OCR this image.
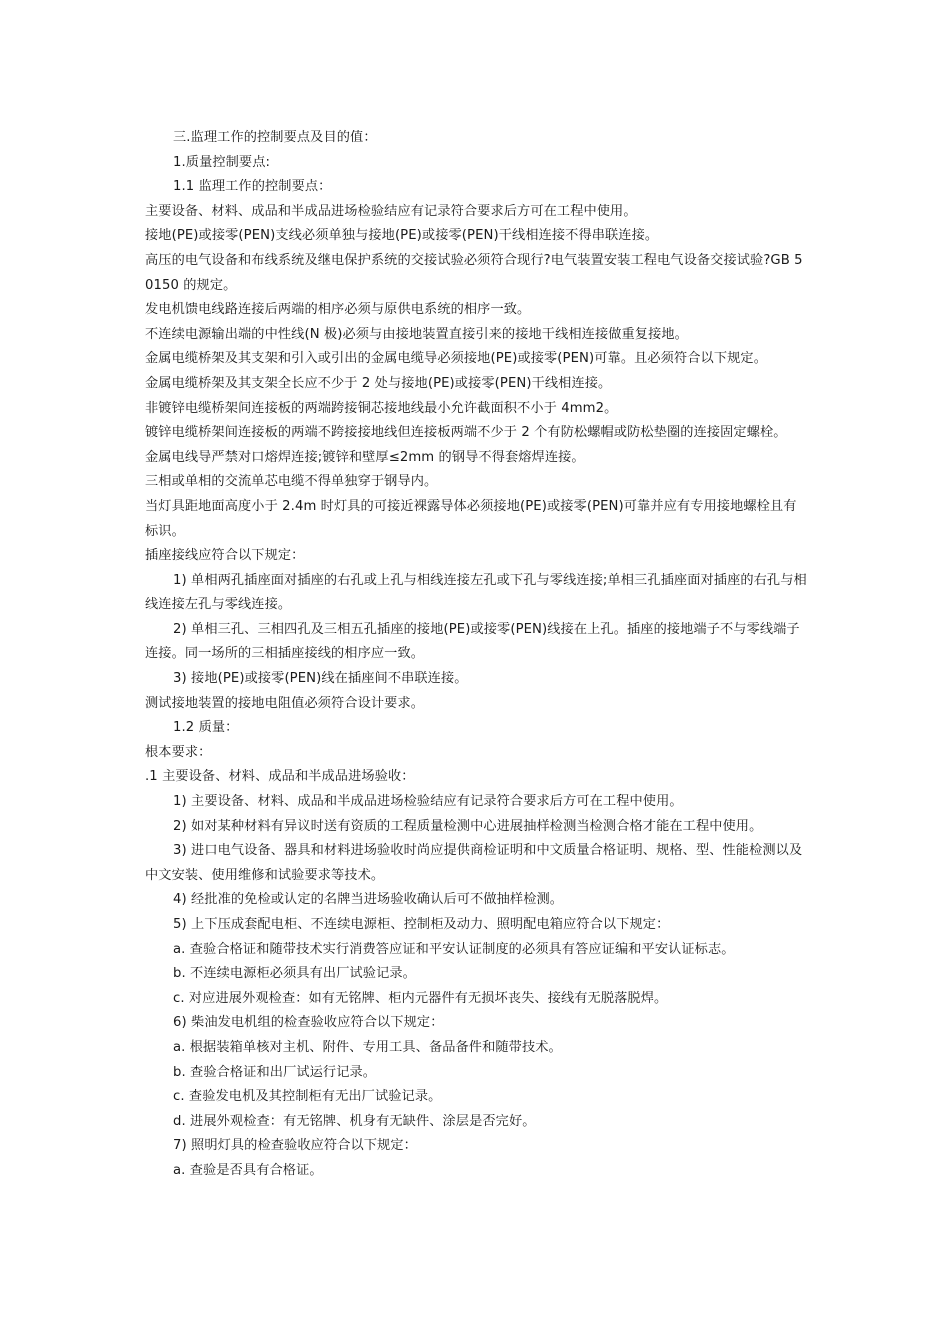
三.监理工作的控制要点及目的值：

1.质量控制要点:

1.1 监理工作的控制要点：

主要设备、材料、成品和半成品进场检验结应有记录符合要求后方可在工程中使用。

接地(PE)或接零(PEN)支线必须单独与接地(PE)或接零(PEN)干线相连接不得串联连接。

高压的电气设备和布线系统及继电保护系统的交接试验必须符合现行?电气装置安装工程电气设备交接试验?GB 50150 的规定。

发电机馈电线路连接后两端的相序必须与原供电系统的相序一致。

不连续电源输出端的中性线(N 极)必须与由接地装置直接引来的接地干线相连接做重复接地。

金属电缆桥架及其支架和引入或引出的金属电缆导必须接地(PE)或接零(PEN)可靠。且必须符合以下规定。

金属电缆桥架及其支架全长应不少于 2 处与接地(PE)或接零(PEN)干线相连接。

非镀锌电缆桥架间连接板的两端跨接铜芯接地线最小允许截面积不小于 4mm2。

镀锌电缆桥架间连接板的两端不跨接接地线但连接板两端不少于 2 个有防松螺帽或防松垫圈的连接固定螺栓。

金属电线导严禁对口熔焊连接;镀锌和壁厚≤2mm 的钢导不得套熔焊连接。

三相或单相的交流单芯电缆不得单独穿于钢导内。

当灯具距地面高度小于 2.4m 时灯具的可接近裸露导体必须接地(PE)或接零(PEN)可靠并应有专用接地螺栓且有标识。

插座接线应符合以下规定：

1) 单相两孔插座面对插座的右孔或上孔与相线连接左孔或下孔与零线连接;单相三孔插座面对插座的右孔与相线连接左孔与零线连接。

2) 单相三孔、三相四孔及三相五孔插座的接地(PE)或接零(PEN)线接在上孔。插座的接地端子不与零线端子连接。同一场所的三相插座接线的相序应一致。

3) 接地(PE)或接零(PEN)线在插座间不串联连接。

测试接地装置的接地电阻值必须符合设计要求。

1.2 质量：

根本要求：

.1 主要设备、材料、成品和半成品进场验收：

1) 主要设备、材料、成品和半成品进场检验结应有记录符合要求后方可在工程中使用。

2) 如对某种材料有异议时送有资质的工程质量检测中心进展抽样检测当检测合格才能在工程中使用。

3) 进口电气设备、器具和材料进场验收时尚应提供商检证明和中文质量合格证明、规格、型、性能检测以及中文安装、使用维修和试验要求等技术。

4) 经批准的免检或认定的名牌当进场验收确认后可不做抽样检测。

5) 上下压成套配电柜、不连续电源柜、控制柜及动力、照明配电箱应符合以下规定：

a. 查验合格证和随带技术实行消费答应证和平安认证制度的必须具有答应证编和平安认证标志。

b. 不连续电源柜必须具有出厂试验记录。

c. 对应进展外观检查：如有无铭牌、柜内元器件有无损坏丧失、接线有无脱落脱焊。

6) 柴油发电机组的检查验收应符合以下规定：

a. 根据装箱单核对主机、附件、专用工具、备品备件和随带技术。

b. 查验合格证和出厂试运行记录。

c. 查验发电机及其控制柜有无出厂试验记录。

d. 进展外观检查：有无铭牌、机身有无缺件、涂层是否完好。

7) 照明灯具的检查验收应符合以下规定：

a. 查验是否具有合格证。
